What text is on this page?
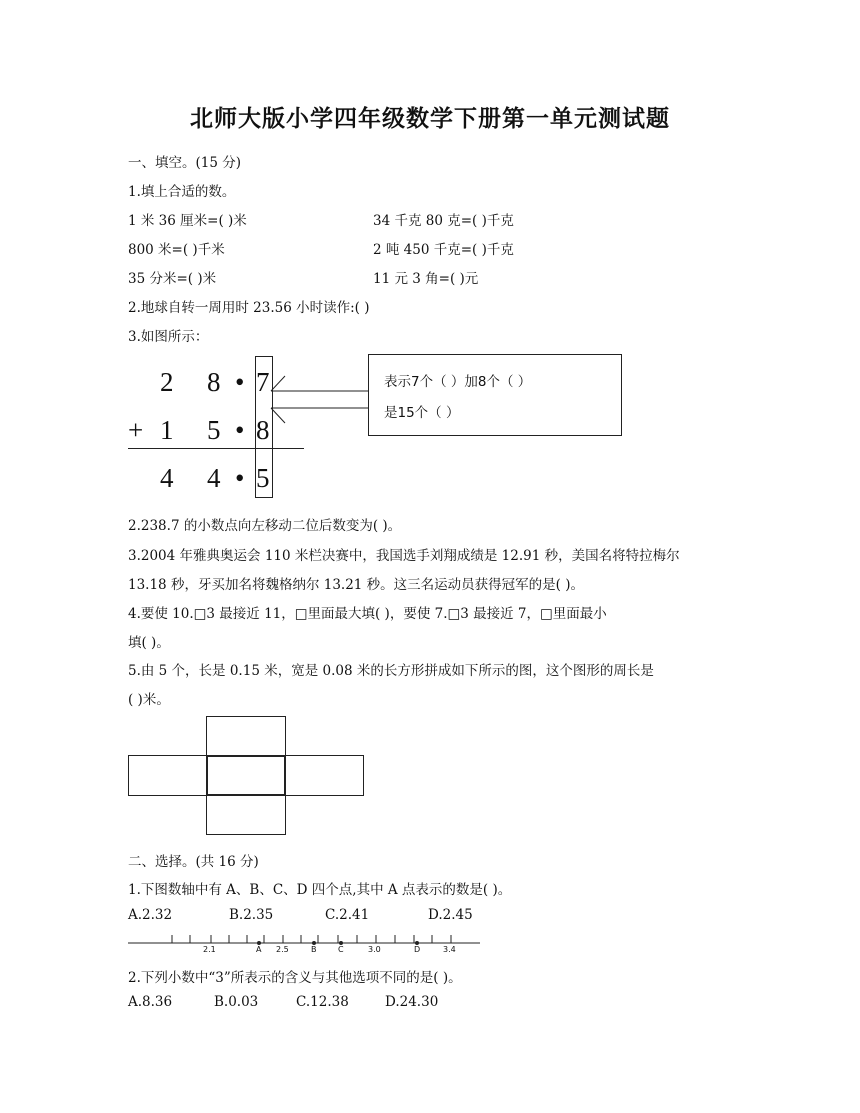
北师大版小学四年级数学下册第一单元测试题
一、填空。(15 分)
1.填上合适的数。
1 米 36 厘米=( )米	34 千克 80 克=( )千克
800 米=( )千米	2 吨 450 千克=( )千克
35 分米=( )米	11 元 3 角=( )元
2.地球自转一周用时 23.56 小时读作:( )
3.如图所示：
2 8 • 7
+ 1 5 • 8
4 4 • 5
表示7个（ ）加8个（ ）
是15个（ ）
2.238.7 的小数点向左移动二位后数变为( )。
3.2004 年雅典奥运会 110 米栏决赛中，我国选手刘翔成绩是 12.91 秒，美国名将特拉梅尔
13.18 秒，牙买加名将魏格纳尔 13.21 秒。这三名运动员获得冠军的是( )。
4.要使 10.□3 最接近 11，□里面最大填( )，要使 7.□3 最接近 7，□里面最小
填( )。
5.由 5 个，长是 0.15 米，宽是 0.08 米的长方形拼成如下所示的图，这个图形的周长是
( )米。
二、选择。(共 16 分)
1.下图数轴中有 A、B、C、D 四个点,其中 A 点表示的数是( )。
A.2.32	B.2.35	C.2.41	D.2.45
2.1	2.5	3.0	3.4
A	B	C	D
2.下列小数中“3”所表示的含义与其他选项不同的是( )。
A.8.36	B.0.03	C.12.38	D.24.30
